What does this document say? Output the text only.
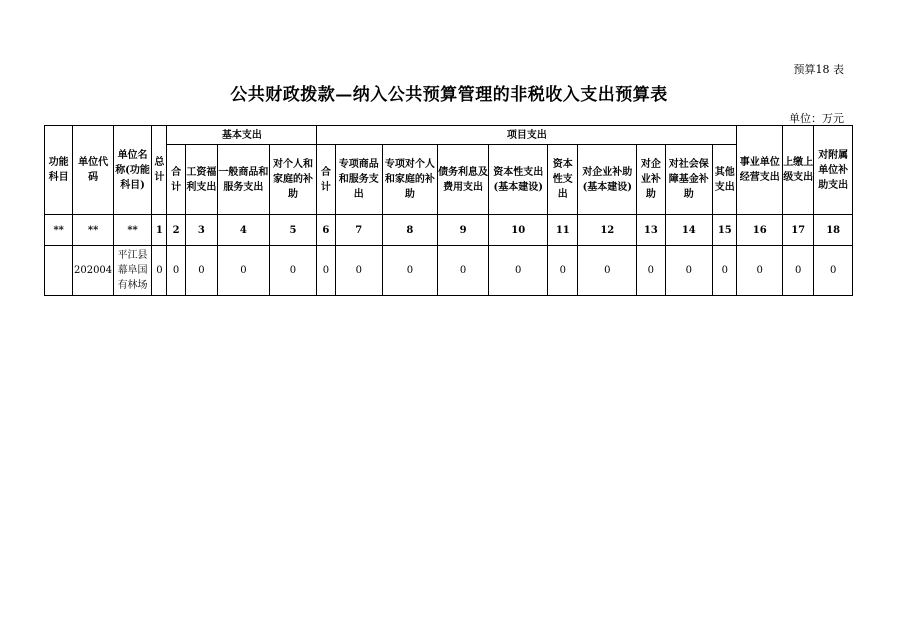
预算18 表
公共财政拨款—纳入公共预算管理的非税收入支出预算表
单位：万元
功能科目	单位代码	单位名称(功能科目)	总计	基本支出				项目支出										事业单位经营支出	上缴上级支出	对附属单位补助支出
				合计	工资福利支出	一般商品和服务支出	对个人和家庭的补助	合计	专项商品和服务支出	专项对个人和家庭的补助	债务利息及费用支出	资本性支出(基本建设)	资本性支出	对企业补助(基本建设)	对企业补助	对社会保障基金补助	其他支出			
**	**	**	1	2	3	4	5	6	7	8	9	10	11	12	13	14	15	16	17	18
	202004	平江县幕阜国有林场	0	0	0	0	0	0	0	0	0	0	0	0	0	0	0	0	0	0
